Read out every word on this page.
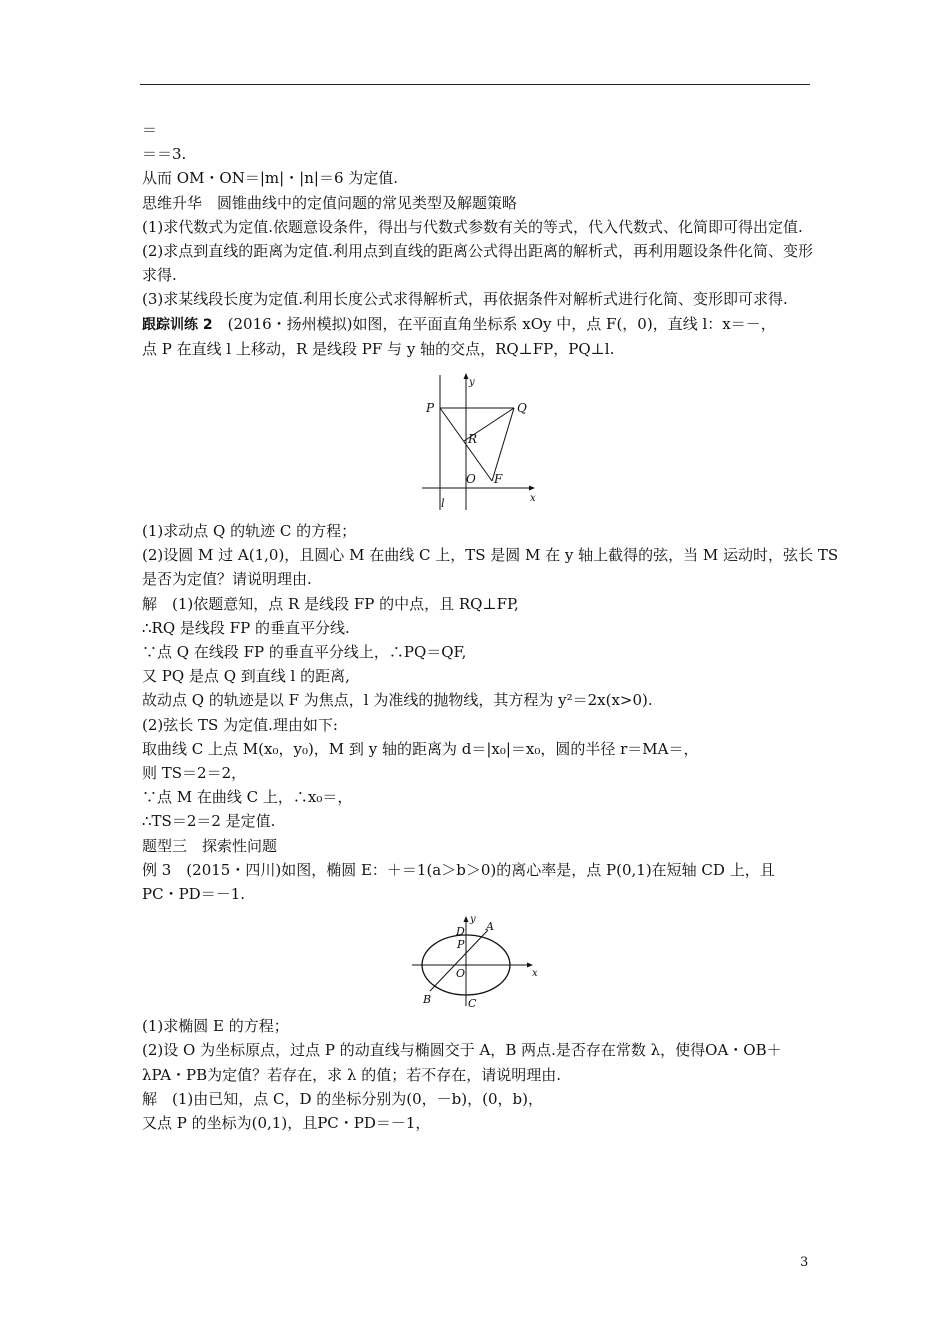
＝

＝＝3.

从而 OM・ON＝|m|・|n|＝6 为定值.

思维升华　圆锥曲线中的定值问题的常见类型及解题策略

(1)求代数式为定值.依题意设条件，得出与代数式参数有关的等式，代入代数式、化简即可得出定值.

(2)求点到直线的距离为定值.利用点到直线的距离公式得出距离的解析式，再利用题设条件化简、变形求得.

(3)求某线段长度为定值.利用长度公式求得解析式，再依据条件对解析式进行化简、变形即可求得.

跟踪训练 2　(2016・扬州模拟)如图，在平面直角坐标系 xOy 中，点 F(，0)，直线 l：x＝－，

点 P 在直线 l 上移动，R 是线段 PF 与 y 轴的交点，RQ⊥FP，PQ⊥l.

y
x
P	Q
R
O F
l

(1)求动点 Q 的轨迹 C 的方程；

(2)设圆 M 过 A(1,0)，且圆心 M 在曲线 C 上，TS 是圆 M 在 y 轴上截得的弦，当 M 运动时，弦长 TS

是否为定值？请说明理由.

解　(1)依题意知，点 R 是线段 FP 的中点，且 RQ⊥FP,

∴RQ 是线段 FP 的垂直平分线.

∵点 Q 在线段 FP 的垂直平分线上，∴PQ＝QF,

又 PQ 是点 Q 到直线 l 的距离,

故动点 Q 的轨迹是以 F 为焦点，l 为准线的抛物线，其方程为 y²＝2x(x>0).

(2)弦长 TS 为定值.理由如下:

取曲线 C 上点 M(x₀，y₀)，M 到 y 轴的距离为 d＝|x₀|＝x₀，圆的半径 r＝MA＝，

则 TS＝2＝2，

∵点 M 在曲线 C 上，∴x₀＝，

∴TS＝2＝2 是定值.

题型三　探索性问题

例 3　(2015・四川)如图，椭圆 E：＋＝1(a＞b＞0)的离心率是，点 P(0,1)在短轴 CD 上，且

PC・PD＝－1.

y
x
A
B	C
D
P
O

(1)求椭圆 E 的方程；

(2)设 O 为坐标原点，过点 P 的动直线与椭圆交于 A，B 两点.是否存在常数 λ，使得OA・OB＋

λPA・PB为定值？若存在，求 λ 的值；若不存在，请说明理由.

解　(1)由已知，点 C，D 的坐标分别为(0，－b)，(0，b)，

又点 P 的坐标为(0,1)，且PC・PD＝－1，

3
